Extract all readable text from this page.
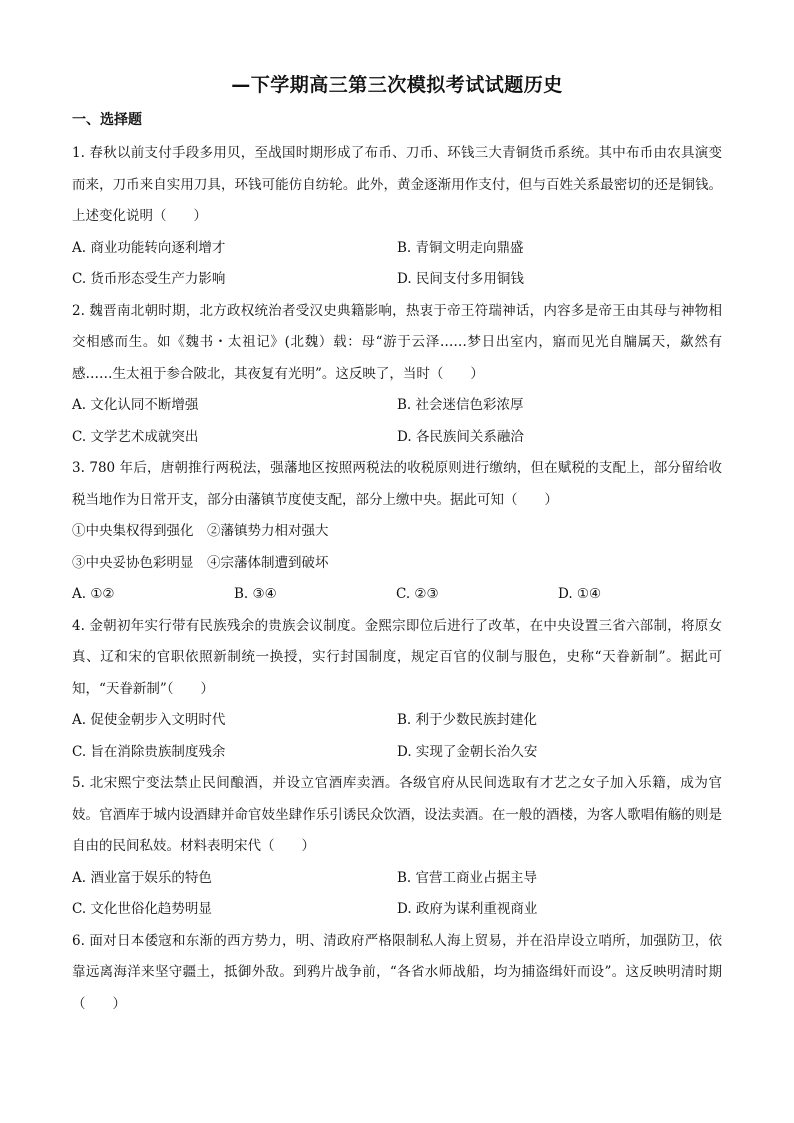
—下学期高三第三次模拟考试试题历史
一、选择题

1. 春秋以前支付手段多用贝，至战国时期形成了布币、刀币、环钱三大青铜货币系统。其中布币由农具演变而来，刀币来自实用刀具，环钱可能仿自纺轮。此外，黄金逐渐用作支付，但与百姓关系最密切的还是铜钱。上述变化说明（　　）

A. 商业功能转向逐利增才	B. 青铜文明走向鼎盛
C. 货币形态受生产力影响	D. 民间支付多用铜钱

2. 魏晋南北朝时期，北方政权统治者受汉史典籍影响，热衷于帝王符瑞神话，内容多是帝王由其母与神物相交相感而生。如《魏书・太祖记》(北魏）载：母“游于云泽……梦日出室内，寤而见光自牖属天，歘然有感……生太祖于参合陂北，其夜复有光明”。这反映了，当时（　　）

A. 文化认同不断增强	B. 社会迷信色彩浓厚
C. 文学艺术成就突出	D. 各民族间关系融洽

3. 780 年后，唐朝推行两税法，强藩地区按照两税法的收税原则进行缴纳，但在赋税的支配上，部分留给收税当地作为日常开支，部分由藩镇节度使支配，部分上缴中央。据此可知（　　）

①中央集权得到强化　②藩镇势力相对强大

③中央妥协色彩明显　④宗藩体制遭到破坏

A. ①②	B. ③④	C. ②③	D. ①④

4. 金朝初年实行带有民族残余的贵族会议制度。金熙宗即位后进行了改革，在中央设置三省六部制，将原女真、辽和宋的官职依照新制统一换授，实行封国制度，规定百官的仪制与服色，史称“天眷新制”。据此可知，“天眷新制”（　　）

A. 促使金朝步入文明时代	B. 利于少数民族封建化
C. 旨在消除贵族制度残余	D. 实现了金朝长治久安

5. 北宋熙宁变法禁止民间酿酒，并设立官酒库卖酒。各级官府从民间选取有才艺之女子加入乐籍，成为官妓。官酒库于城内设酒肆并命官妓坐肆作乐引诱民众饮酒，设法卖酒。在一般的酒楼，为客人歌唱侑觞的则是自由的民间私妓。材料表明宋代（　　）

A. 酒业富于娱乐的特色	B. 官营工商业占据主导
C. 文化世俗化趋势明显	D. 政府为谋利重视商业

6. 面对日本倭寇和东渐的西方势力，明、清政府严格限制私人海上贸易，并在沿岸设立哨所，加强防卫，依靠远离海洋来坚守疆土，抵御外敌。到鸦片战争前，“各省水师战船，均为捕盗缉奸而设”。这反映明清时期（　　）
